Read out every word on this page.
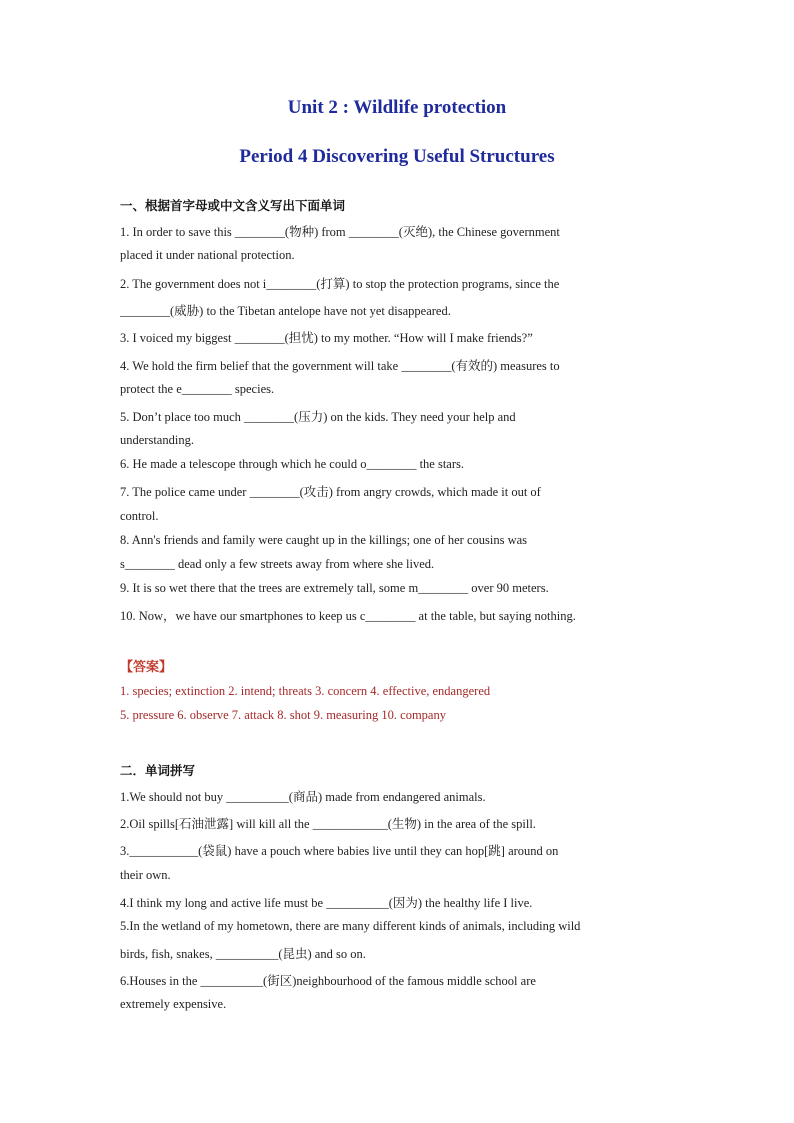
Unit 2 : Wildlife protection
Period 4 Discovering Useful Structures

一、根据首字母或中文含义写出下面单词

1. In order to save this ________(物种) from ________(灭绝), the Chinese government

placed it under national protection.

2. The government does not i________(打算) to stop the protection programs, since the

________(威胁) to the Tibetan antelope have not yet disappeared.

3. I voiced my biggest ________(担忧) to my mother. “How will I make friends?”

4. We hold the firm belief that the government will take ________(有效的) measures to

protect the e________ species.

5. Don’t place too much ________(压力) on the kids. They need your help and

understanding.

6. He made a telescope through which he could o________ the stars.

7. The police came under ________(攻击) from angry crowds, which made it out of

control.

8. Ann's friends and family were caught up in the killings; one of her cousins was

s________ dead only a few streets away from where she lived.

9. It is so wet there that the trees are extremely tall, some m________ over 90 meters.

10. Now，we have our smartphones to keep us c________ at the table, but saying nothing.

【答案】

1. species; extinction 2. intend; threats 3. concern 4. effective, endangered

5. pressure 6. observe 7. attack 8. shot 9. measuring 10. company

二．单词拼写

1.We should not buy __________(商品) made from endangered animals.

2.Oil spills[石油泄露] will kill all the ____________(生物) in the area of the spill.

3.___________(袋鼠) have a pouch where babies live until they can hop[跳] around on

their own.

4.I think my long and active life must be __________(因为) the healthy life I live.

5.In the wetland of my hometown, there are many different kinds of animals, including wild

birds, fish, snakes, __________(昆虫) and so on.

6.Houses in the __________(街区)neighbourhood of the famous middle school are

extremely expensive.
